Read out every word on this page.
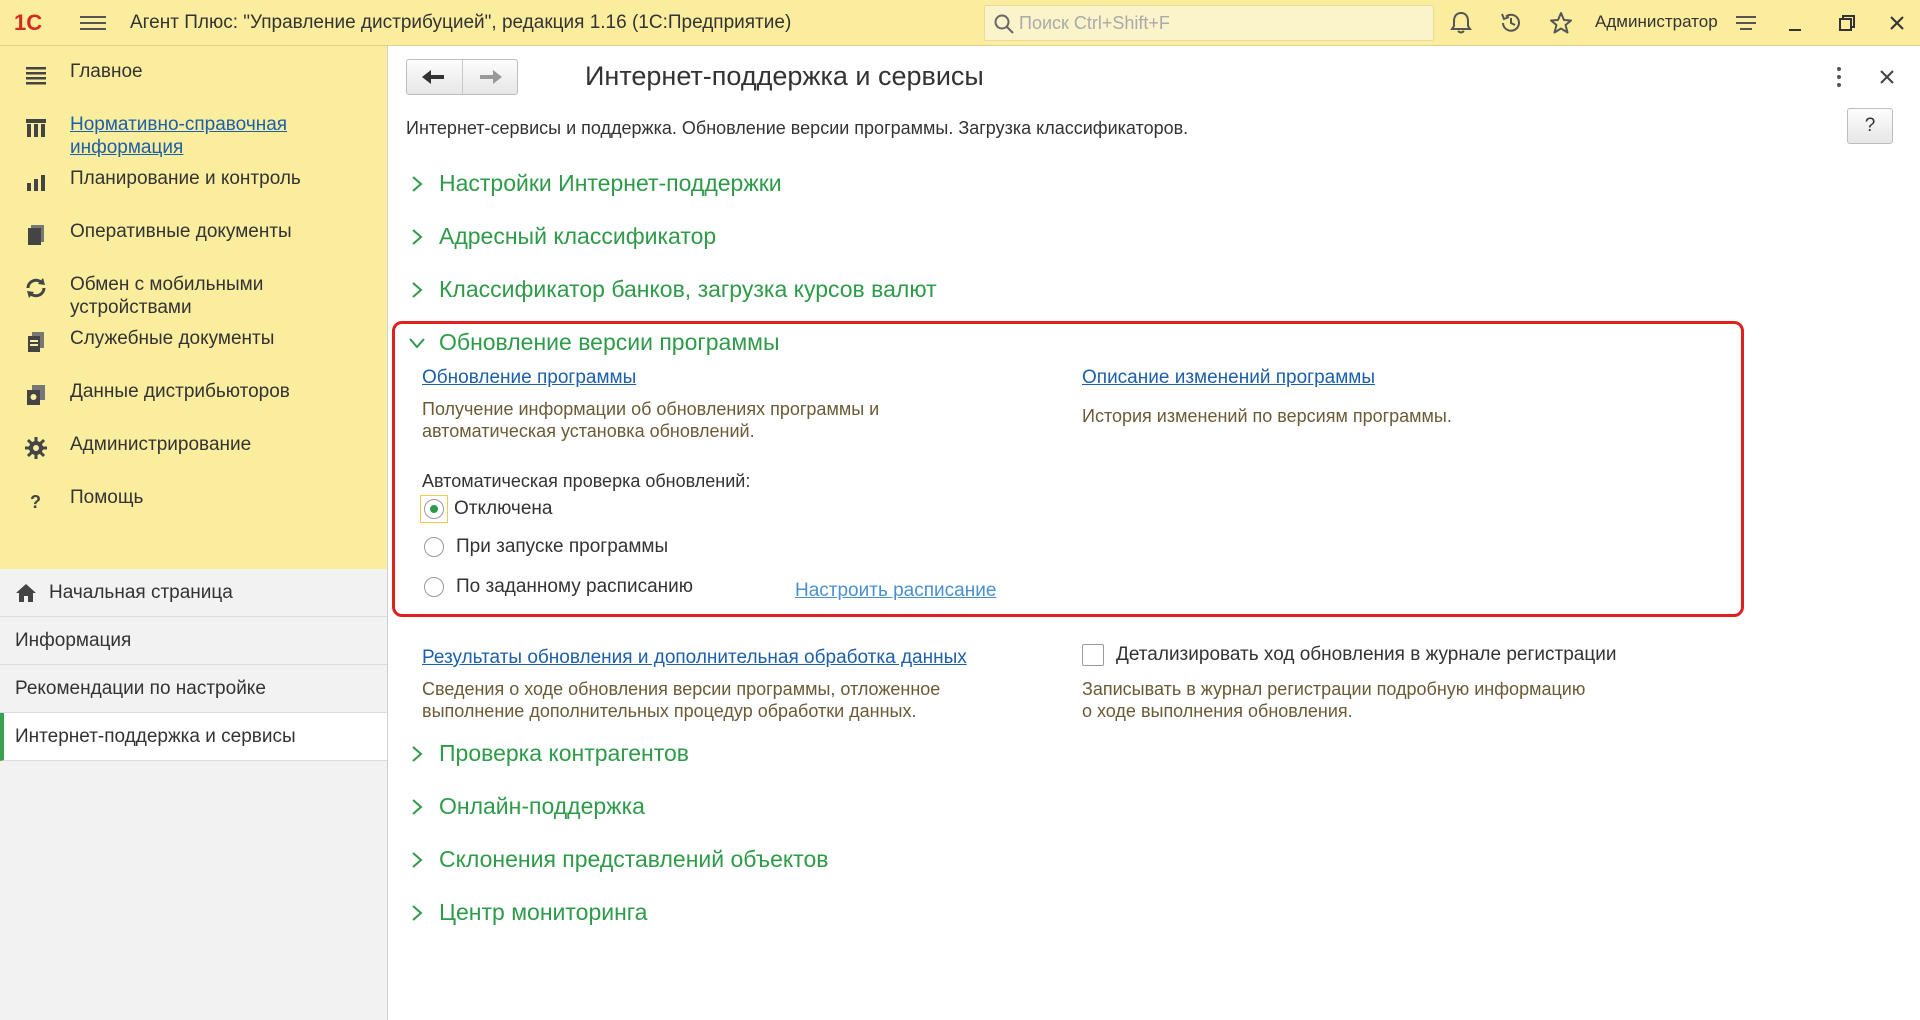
1С	Агент Плюс: "Управление дистрибуцией", редакция 1.16 (1С:Предприятие)
Поиск Ctrl+Shift+F	Администратор
Главное
Нормативно-справочная информация
Планирование и контроль
Оперативные документы
Обмен с мобильными устройствами
Служебные документы
Данные дистрибьюторов
Администрирование
? Помощь
Начальная страница
Информация
Рекомендации по настройке
Интернет-поддержка и сервисы
Интернет-поддержка и сервисы
?
Интернет-сервисы и поддержка. Обновление версии программы. Загрузка классификаторов.
Настройки Интернет-поддержки
Адресный классификатор
Классификатор банков, загрузка курсов валют
Обновление версии программы
Обновление программы
Получение информации об обновлениях программы и
автоматическая установка обновлений.
Описание изменений программы
История изменений по версиям программы.
Автоматическая проверка обновлений:
Отключена
При запуске программы
По заданному расписанию	Настроить расписание
Результаты обновления и дополнительная обработка данных
Сведения о ходе обновления версии программы, отложенное
выполнение дополнительных процедур обработки данных.
Детализировать ход обновления в журнале регистрации
Записывать в журнал регистрации подробную информацию
о ходе выполнения обновления.
Проверка контрагентов
Онлайн-поддержка
Склонения представлений объектов
Центр мониторинга
